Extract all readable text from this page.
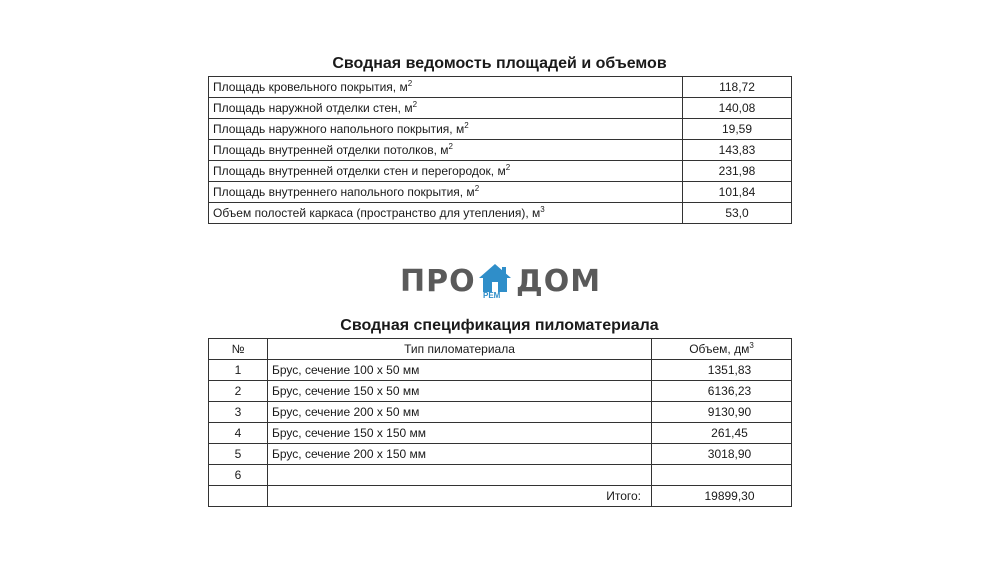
Сводная ведомость площадей и объемов
Площадь кровельного покрытия, $м^2$	118,72
Площадь наружной отделки стен, $м^2$	140,08
Площадь наружного напольного покрытия, $м^2$	19,59
Площадь внутренней отделки потолков, $м^2$	143,83
Площадь внутренней отделки стен и перегородок, $м^2$	231,98
Площадь внутреннего напольного покрытия, $м^2$	101,84
Объем полостей каркаса (пространство для утепления), $м^3$	53,0
ПРО РЕМ ДОМ
Сводная спецификация пиломатериала
№	Тип пиломатериала	Объем, $дм^3$
1	Брус, сечение 100 х 50 мм	1351,83
2	Брус, сечение 150 х 50 мм	6136,23
3	Брус, сечение 200 х 50 мм	9130,90
4	Брус, сечение 150 х 150 мм	261,45
5	Брус, сечение 200 х 150 мм	3018,90
6		
	Итого:	19899,30
